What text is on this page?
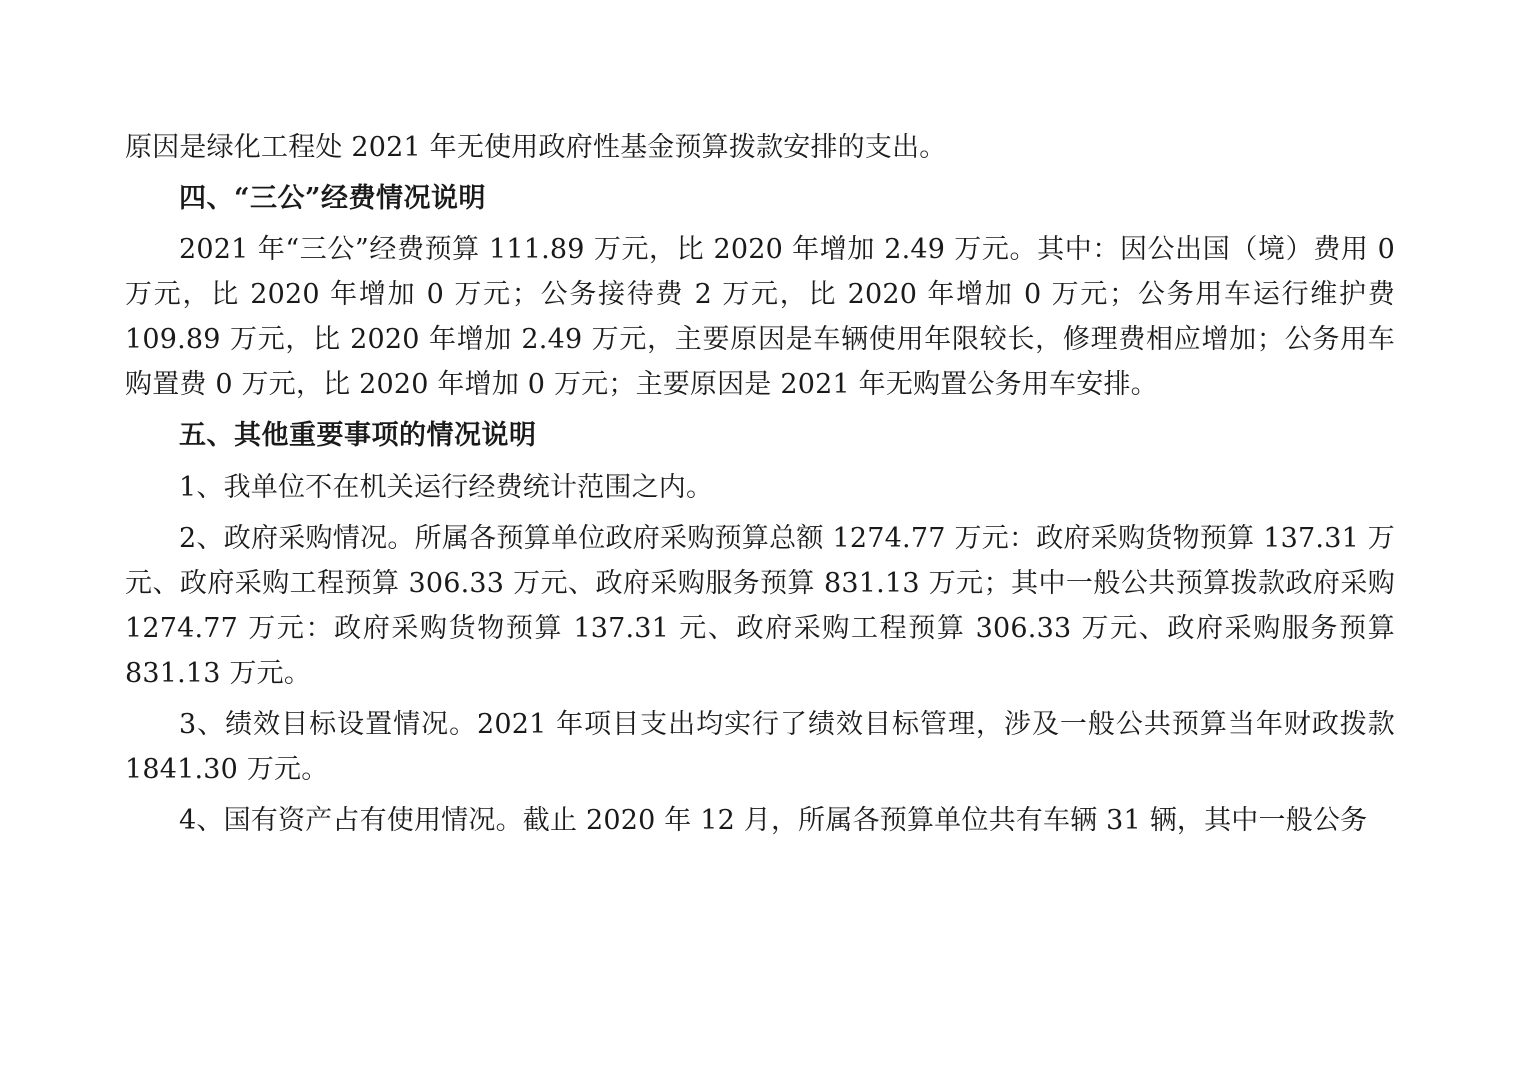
原因是绿化工程处 2021 年无使用政府性基金预算拨款安排的支出。

四、“三公”经费情况说明

2021 年“三公”经费预算 111.89 万元，比 2020 年增加 2.49 万元。其中：因公出国（境）费用 0 万元，比 2020 年增加 0 万元；公务接待费 2 万元，比 2020 年增加 0 万元；公务用车运行维护费 109.89 万元，比 2020 年增加 2.49 万元，主要原因是车辆使用年限较长，修理费相应增加；公务用车购置费 0 万元，比 2020 年增加 0 万元；主要原因是 2021 年无购置公务用车安排。

五、其他重要事项的情况说明

1、我单位不在机关运行经费统计范围之内。

2、政府采购情况。所属各预算单位政府采购预算总额 1274.77 万元：政府采购货物预算 137.31 万元、政府采购工程预算 306.33 万元、政府采购服务预算 831.13 万元；其中一般公共预算拨款政府采购 1274.77 万元：政府采购货物预算 137.31 元、政府采购工程预算 306.33 万元、政府采购服务预算 831.13 万元。

3、绩效目标设置情况。2021 年项目支出均实行了绩效目标管理，涉及一般公共预算当年财政拨款 1841.30 万元。

4、国有资产占有使用情况。截止 2020 年 12 月，所属各预算单位共有车辆 31 辆，其中一般公务
